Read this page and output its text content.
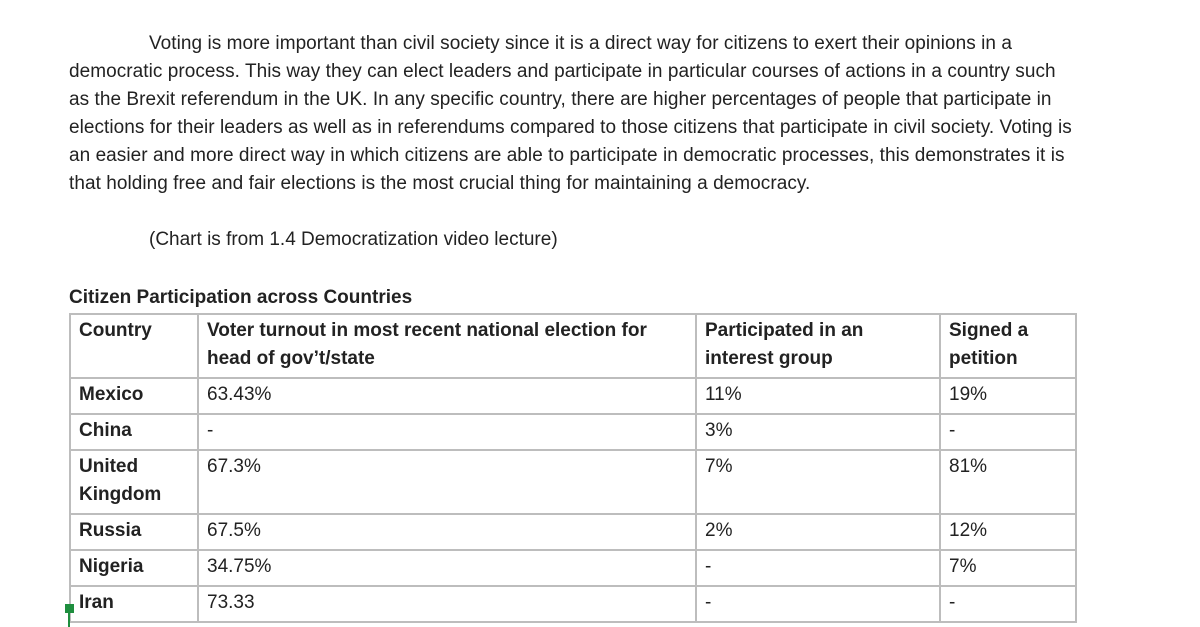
Voting is more important than civil society since it is a direct way for citizens to exert their opinions in a democratic process. This way they can elect leaders and participate in particular courses of actions in a country such as the Brexit referendum in the UK. In any specific country, there are higher percentages of people that participate in elections for their leaders as well as in referendums compared to those citizens that participate in civil society. Voting is an easier and more direct way in which citizens are able to participate in democratic processes, this demonstrates it is that holding free and fair elections is the most crucial thing for maintaining a democracy.

(Chart is from 1.4 Democratization video lecture)

Citizen Participation across Countries

Country	Voter turnout in most recent national election for head of gov’t/state	Participated in an interest group	Signed a petition
Mexico	63.43%	11%	19%
China	-	3%	-
United Kingdom	67.3%	7%	81%
Russia	67.5%	2%	12%
Nigeria	34.75%	-	7%
Iran	73.33	-	-
